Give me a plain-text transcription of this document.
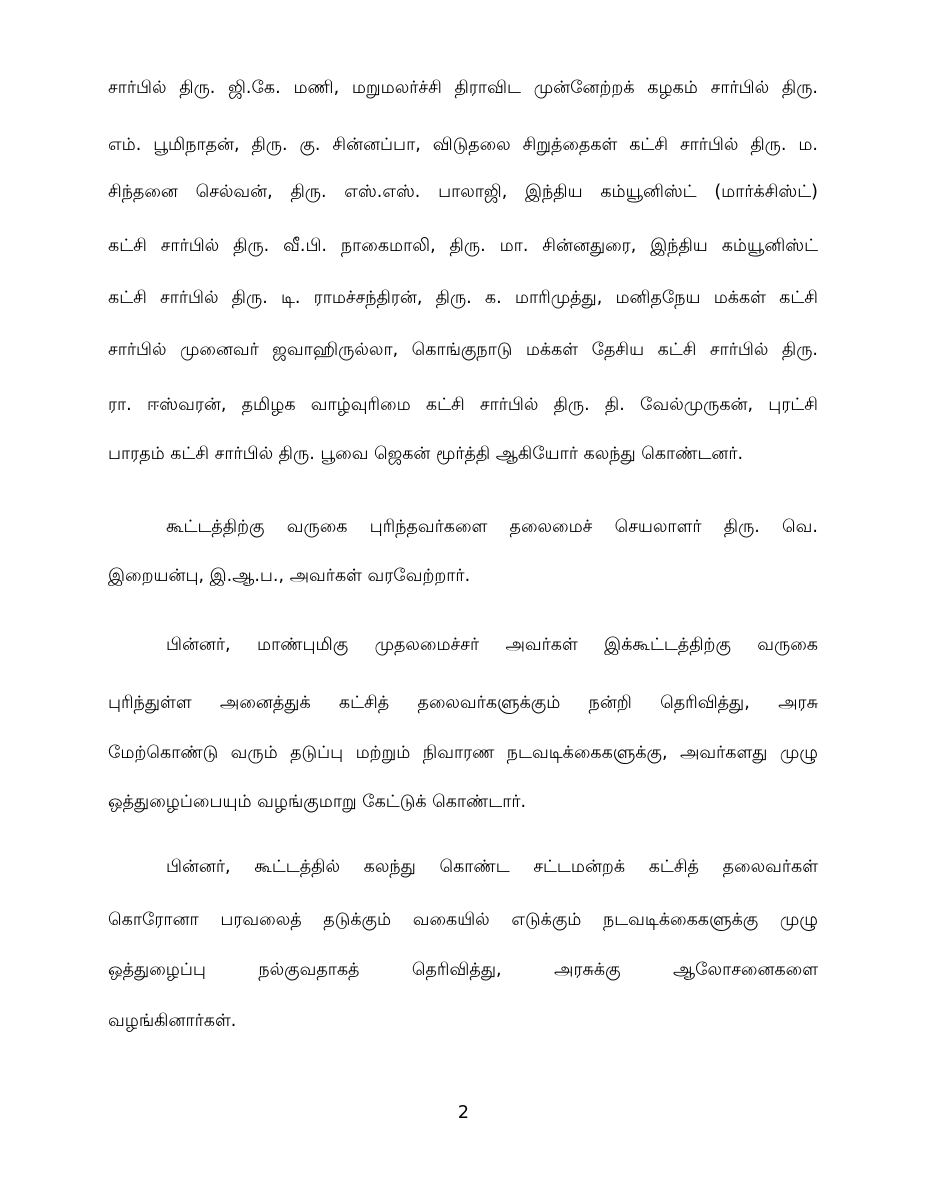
சார்பில் திரு. ஜி.கே. மணி, மறுமலர்ச்சி திராவிட முன்னேற்றக் கழகம் சார்பில் திரு.
எம். பூமிநாதன், திரு. கு. சின்னப்பா, விடுதலை சிறுத்தைகள் கட்சி சார்பில் திரு. ம.
சிந்தனை செல்வன், திரு. எஸ்.எஸ். பாலாஜி, இந்திய கம்யூனிஸ்ட் (மார்க்சிஸ்ட்)
கட்சி சார்பில் திரு. வீ.பி. நாகைமாலி, திரு. மா. சின்னதுரை, இந்திய கம்யூனிஸ்ட்
கட்சி சார்பில் திரு. டி. ராமச்சந்திரன், திரு. க. மாரிமுத்து, மனிதநேய மக்கள் கட்சி
சார்பில் முனைவர் ஜவாஹிருல்லா, கொங்குநாடு மக்கள் தேசிய கட்சி சார்பில் திரு.
ரா. ஈஸ்வரன், தமிழக வாழ்வுரிமை கட்சி சார்பில் திரு. தி. வேல்முருகன், புரட்சி
பாரதம் கட்சி சார்பில் திரு. பூவை ஜெகன் மூர்த்தி ஆகியோர் கலந்து கொண்டனர்.
கூட்டத்திற்கு வருகை புரிந்தவர்களை தலைமைச் செயலாளர் திரு. வெ.
இறையன்பு, இ.ஆ.ப., அவர்கள் வரவேற்றார்.
பின்னர், மாண்புமிகு முதலமைச்சர் அவர்கள் இக்கூட்டத்திற்கு வருகை
புரிந்துள்ள அனைத்துக் கட்சித் தலைவர்களுக்கும் நன்றி தெரிவித்து, அரசு
மேற்கொண்டு வரும் தடுப்பு மற்றும் நிவாரண நடவடிக்கைகளுக்கு, அவர்களது முழு
ஒத்துழைப்பையும் வழங்குமாறு கேட்டுக் கொண்டார்.
பின்னர், கூட்டத்தில் கலந்து கொண்ட சட்டமன்றக் கட்சித் தலைவர்கள்
கொரோனா பரவலைத் தடுக்கும் வகையில் எடுக்கும் நடவடிக்கைகளுக்கு முழு
ஒத்துழைப்பு நல்குவதாகத் தெரிவித்து, அரசுக்கு ஆலோசனைகளை
வழங்கினார்கள்.
2
